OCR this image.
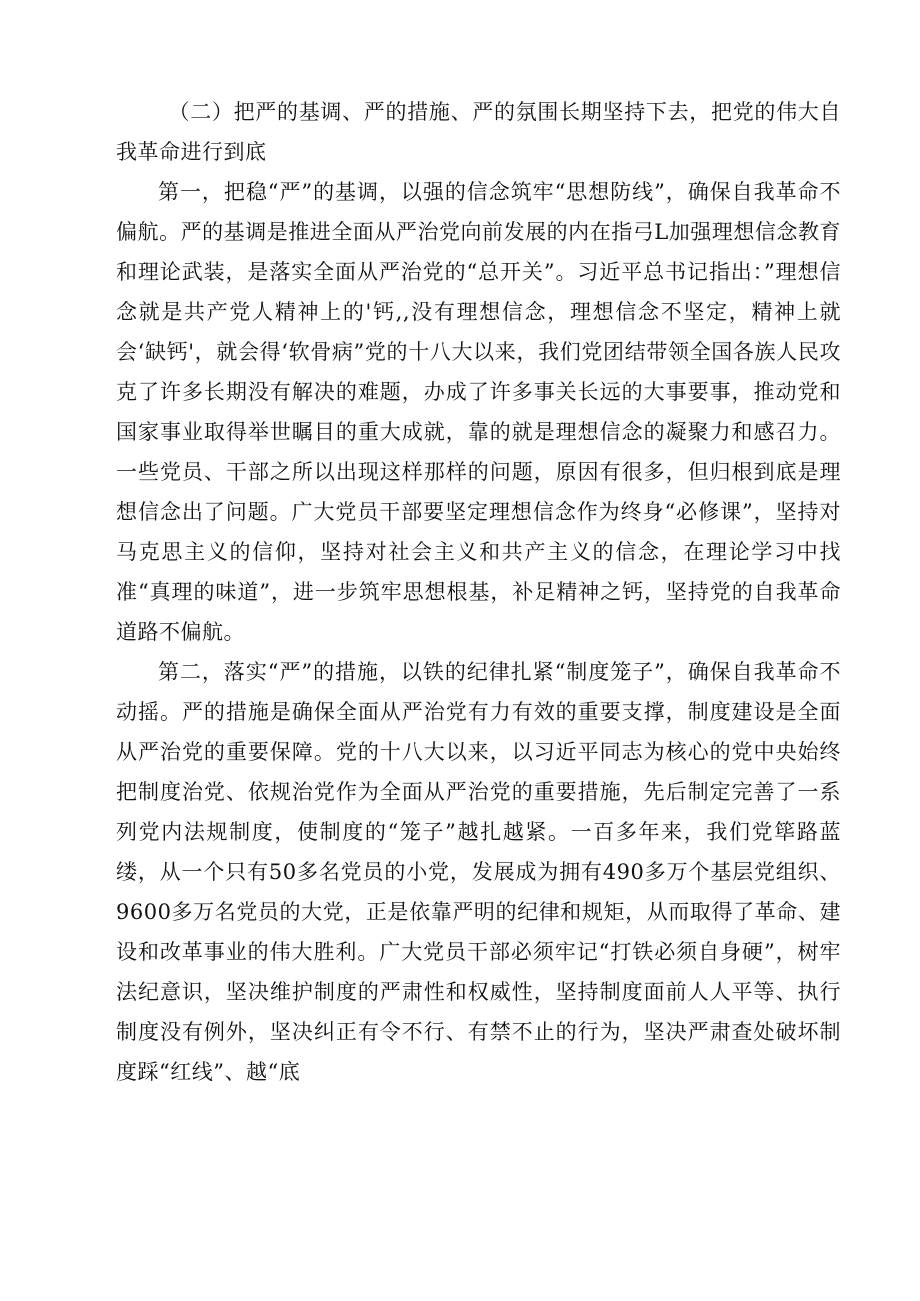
（二）把严的基调、严的措施、严的氛围长期坚持下去，把党的伟大自我革命进行到底

第一，把稳“严”的基调，以强的信念筑牢“思想防线”，确保自我革命不偏航。严的基调是推进全面从严治党向前发展的内在指弓L加强理想信念教育和理论武装，是落实全面从严治党的“总开关”。习近平总书记指出：”理想信念就是共产党人精神上的'钙,,没有理想信念，理想信念不坚定，精神上就会‘缺钙'，就会得‘软骨病”党的十八大以来，我们党团结带领全国各族人民攻克了许多长期没有解决的难题，办成了许多事关长远的大事要事，推动党和国家事业取得举世瞩目的重大成就，靠的就是理想信念的凝聚力和感召力。一些党员、干部之所以出现这样那样的问题，原因有很多，但归根到底是理想信念出了问题。广大党员干部要坚定理想信念作为终身“必修课”，坚持对马克思主义的信仰，坚持对社会主义和共产主义的信念，在理论学习中找准“真理的味道”，进一步筑牢思想根基，补足精神之钙，坚持党的自我革命道路不偏航。

第二，落实“严”的措施，以铁的纪律扎紧“制度笼子”，确保自我革命不动摇。严的措施是确保全面从严治党有力有效的重要支撑，制度建设是全面从严治党的重要保障。党的十八大以来，以习近平同志为核心的党中央始终把制度治党、依规治党作为全面从严治党的重要措施，先后制定完善了一系列党内法规制度，使制度的“笼子”越扎越紧。一百多年来，我们党筚路蓝缕，从一个只有50多名党员的小党，发展成为拥有490多万个基层党组织、9600多万名党员的大党，正是依靠严明的纪律和规矩，从而取得了革命、建设和改革事业的伟大胜利。广大党员干部必须牢记“打铁必须自身硬”，树牢法纪意识，坚决维护制度的严肃性和权威性，坚持制度面前人人平等、执行制度没有例外，坚决纠正有令不行、有禁不止的行为，坚决严肃查处破坏制度踩“红线”、越“底
